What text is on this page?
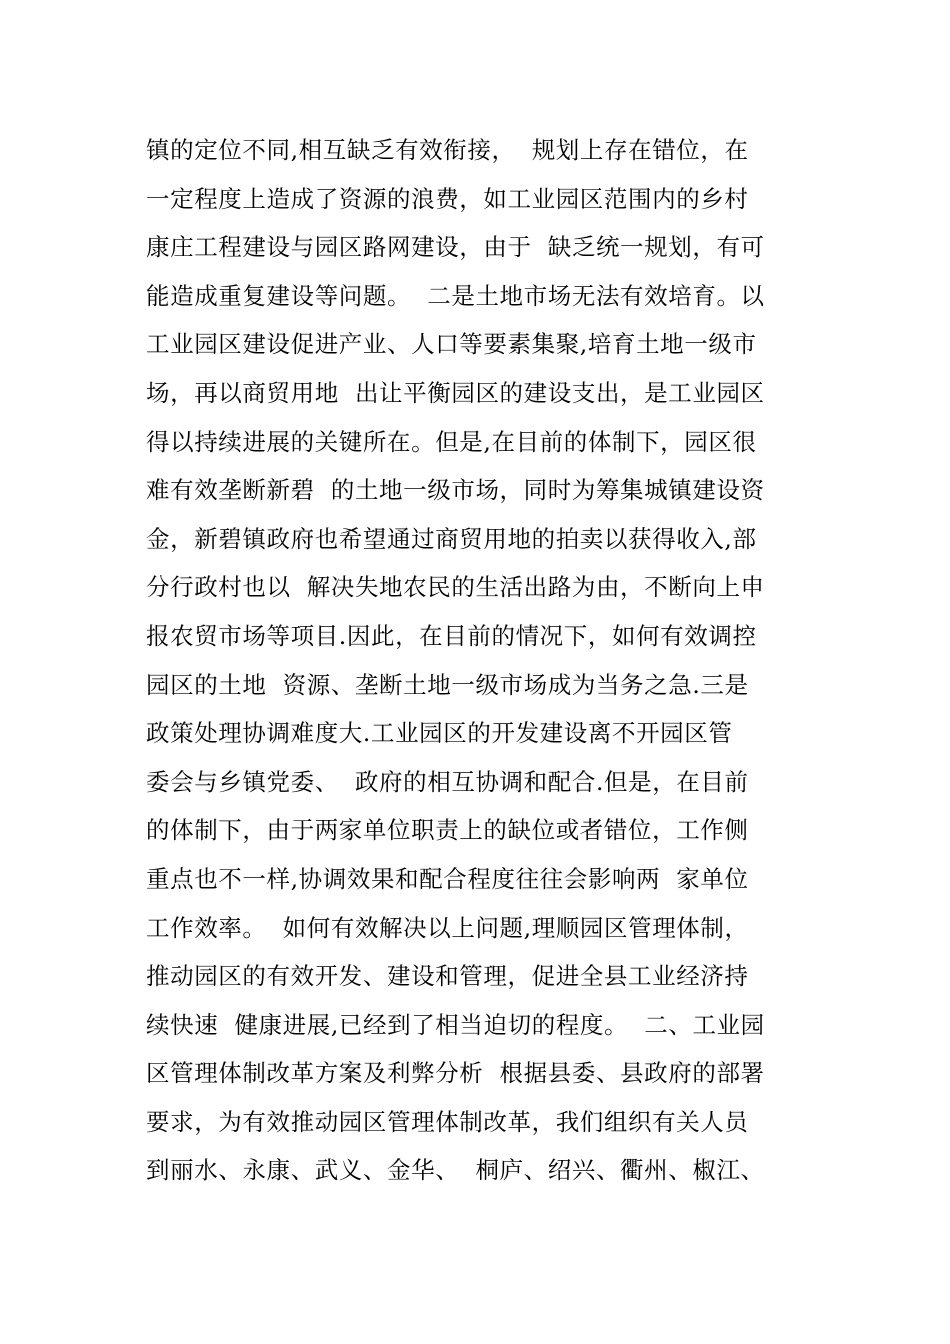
镇的定位不同,相互缺乏有效衔接，  规划上存在错位，在
一定程度上造成了资源的浪费，如工业园区范围内的乡村
康庄工程建设与园区路网建设，由于  缺乏统一规划，有可
能造成重复建设等问题。  二是土地市场无法有效培育。以
工业园区建设促进产业、人口等要素集聚,培育土地一级市
场，再以商贸用地  出让平衡园区的建设支出，是工业园区
得以持续进展的关键所在。但是,在目前的体制下，园区很
难有效垄断新碧  的土地一级市场，同时为筹集城镇建设资
金，新碧镇政府也希望通过商贸用地的拍卖以获得收入,部
分行政村也以  解决失地农民的生活出路为由，不断向上申
报农贸市场等项目.因此，在目前的情况下，如何有效调控
园区的土地  资源、垄断土地一级市场成为当务之急.三是
政策处理协调难度大.工业园区的开发建设离不开园区管
委会与乡镇党委、  政府的相互协调和配合.但是，在目前
的体制下，由于两家单位职责上的缺位或者错位，工作侧
重点也不一样,协调效果和配合程度往往会影响两  家单位
工作效率。  如何有效解决以上问题,理顺园区管理体制，
推动园区的有效开发、建设和管理，促进全县工业经济持
续快速  健康进展,已经到了相当迫切的程度。  二、工业园
区管理体制改革方案及利弊分析  根据县委、县政府的部署
要求，为有效推动园区管理体制改革，我们组织有关人员
到丽水、永康、武义、金华、  桐庐、绍兴、衢州、椒江、
